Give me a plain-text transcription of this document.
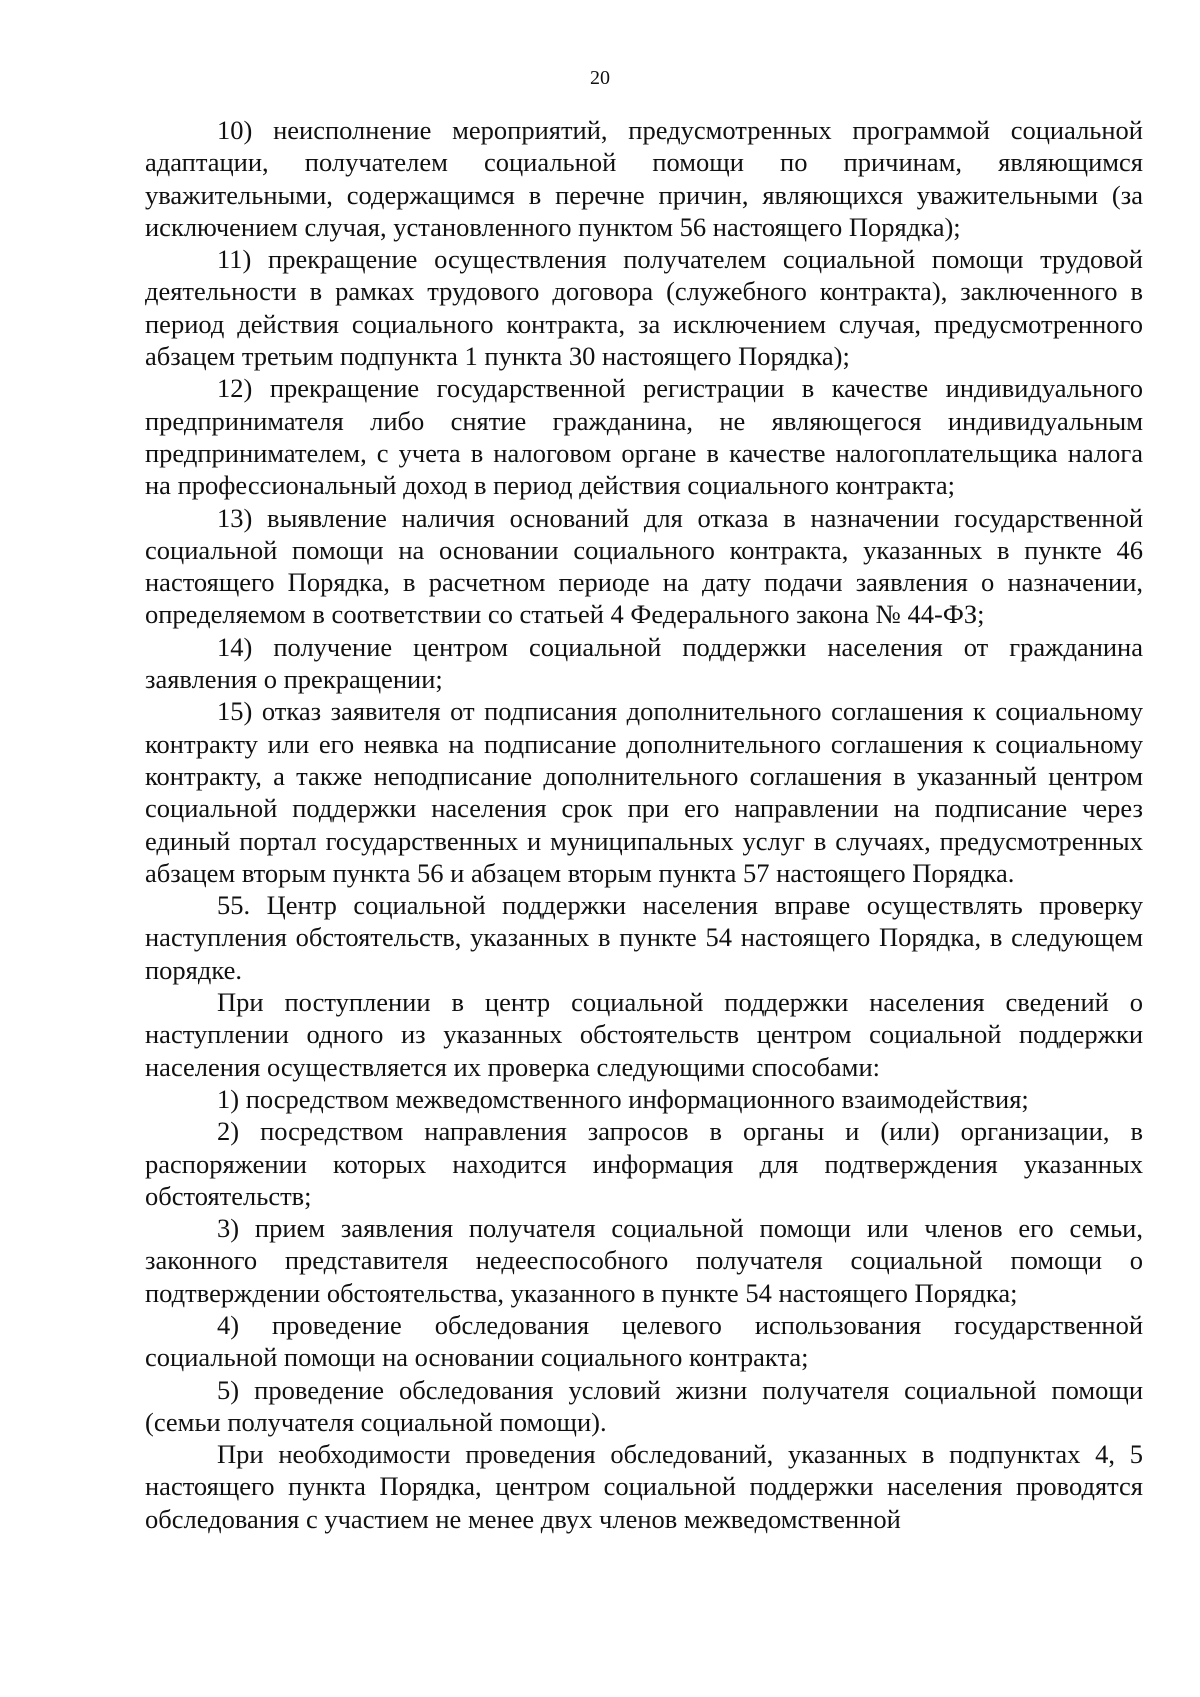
20

10) неисполнение мероприятий, предусмотренных программой социальной адаптации, получателем социальной помощи по причинам, являющимся уважительными, содержащимся в перечне причин, являющихся уважительными (за исключением случая, установленного пунктом 56 настоящего Порядка);

11) прекращение осуществления получателем социальной помощи трудовой деятельности в рамках трудового договора (служебного контракта), заключенного в период действия социального контракта, за исключением случая, предусмотренного абзацем третьим подпункта 1 пункта 30 настоящего Порядка);

12) прекращение государственной регистрации в качестве индивидуального предпринимателя либо снятие гражданина, не являющегося индивидуальным предпринимателем, с учета в налоговом органе в качестве налогоплательщика налога на профессиональный доход в период действия социального контракта;

13) выявление наличия оснований для отказа в назначении государственной социальной помощи на основании социального контракта, указанных в пункте 46 настоящего Порядка, в расчетном периоде на дату подачи заявления о назначении, определяемом в соответствии со статьей 4 Федерального закона № 44-ФЗ;

14) получение центром социальной поддержки населения от гражданина заявления о прекращении;

15) отказ заявителя от подписания дополнительного соглашения к социальному контракту или его неявка на подписание дополнительного соглашения к социальному контракту, а также неподписание дополнительного соглашения в указанный центром социальной поддержки населения срок при его направлении на подписание через единый портал государственных и муниципальных услуг в случаях, предусмотренных абзацем вторым пункта 56 и абзацем вторым пункта 57 настоящего Порядка.

55. Центр социальной поддержки населения вправе осуществлять проверку наступления обстоятельств, указанных в пункте 54 настоящего Порядка, в следующем порядке.

При поступлении в центр социальной поддержки населения сведений о наступлении одного из указанных обстоятельств центром социальной поддержки населения осуществляется их проверка следующими способами:

1) посредством межведомственного информационного взаимодействия;

2) посредством направления запросов в органы и (или) организации, в распоряжении которых находится информация для подтверждения указанных обстоятельств;

3) прием заявления получателя социальной помощи или членов его семьи, законного представителя недееспособного получателя социальной помощи о подтверждении обстоятельства, указанного в пункте 54 настоящего Порядка;

4) проведение обследования целевого использования государственной социальной помощи на основании социального контракта;

5) проведение обследования условий жизни получателя социальной помощи (семьи получателя социальной помощи).

При необходимости проведения обследований, указанных в подпунктах 4, 5 настоящего пункта Порядка, центром социальной поддержки населения проводятся обследования с участием не менее двух членов межведомственной
